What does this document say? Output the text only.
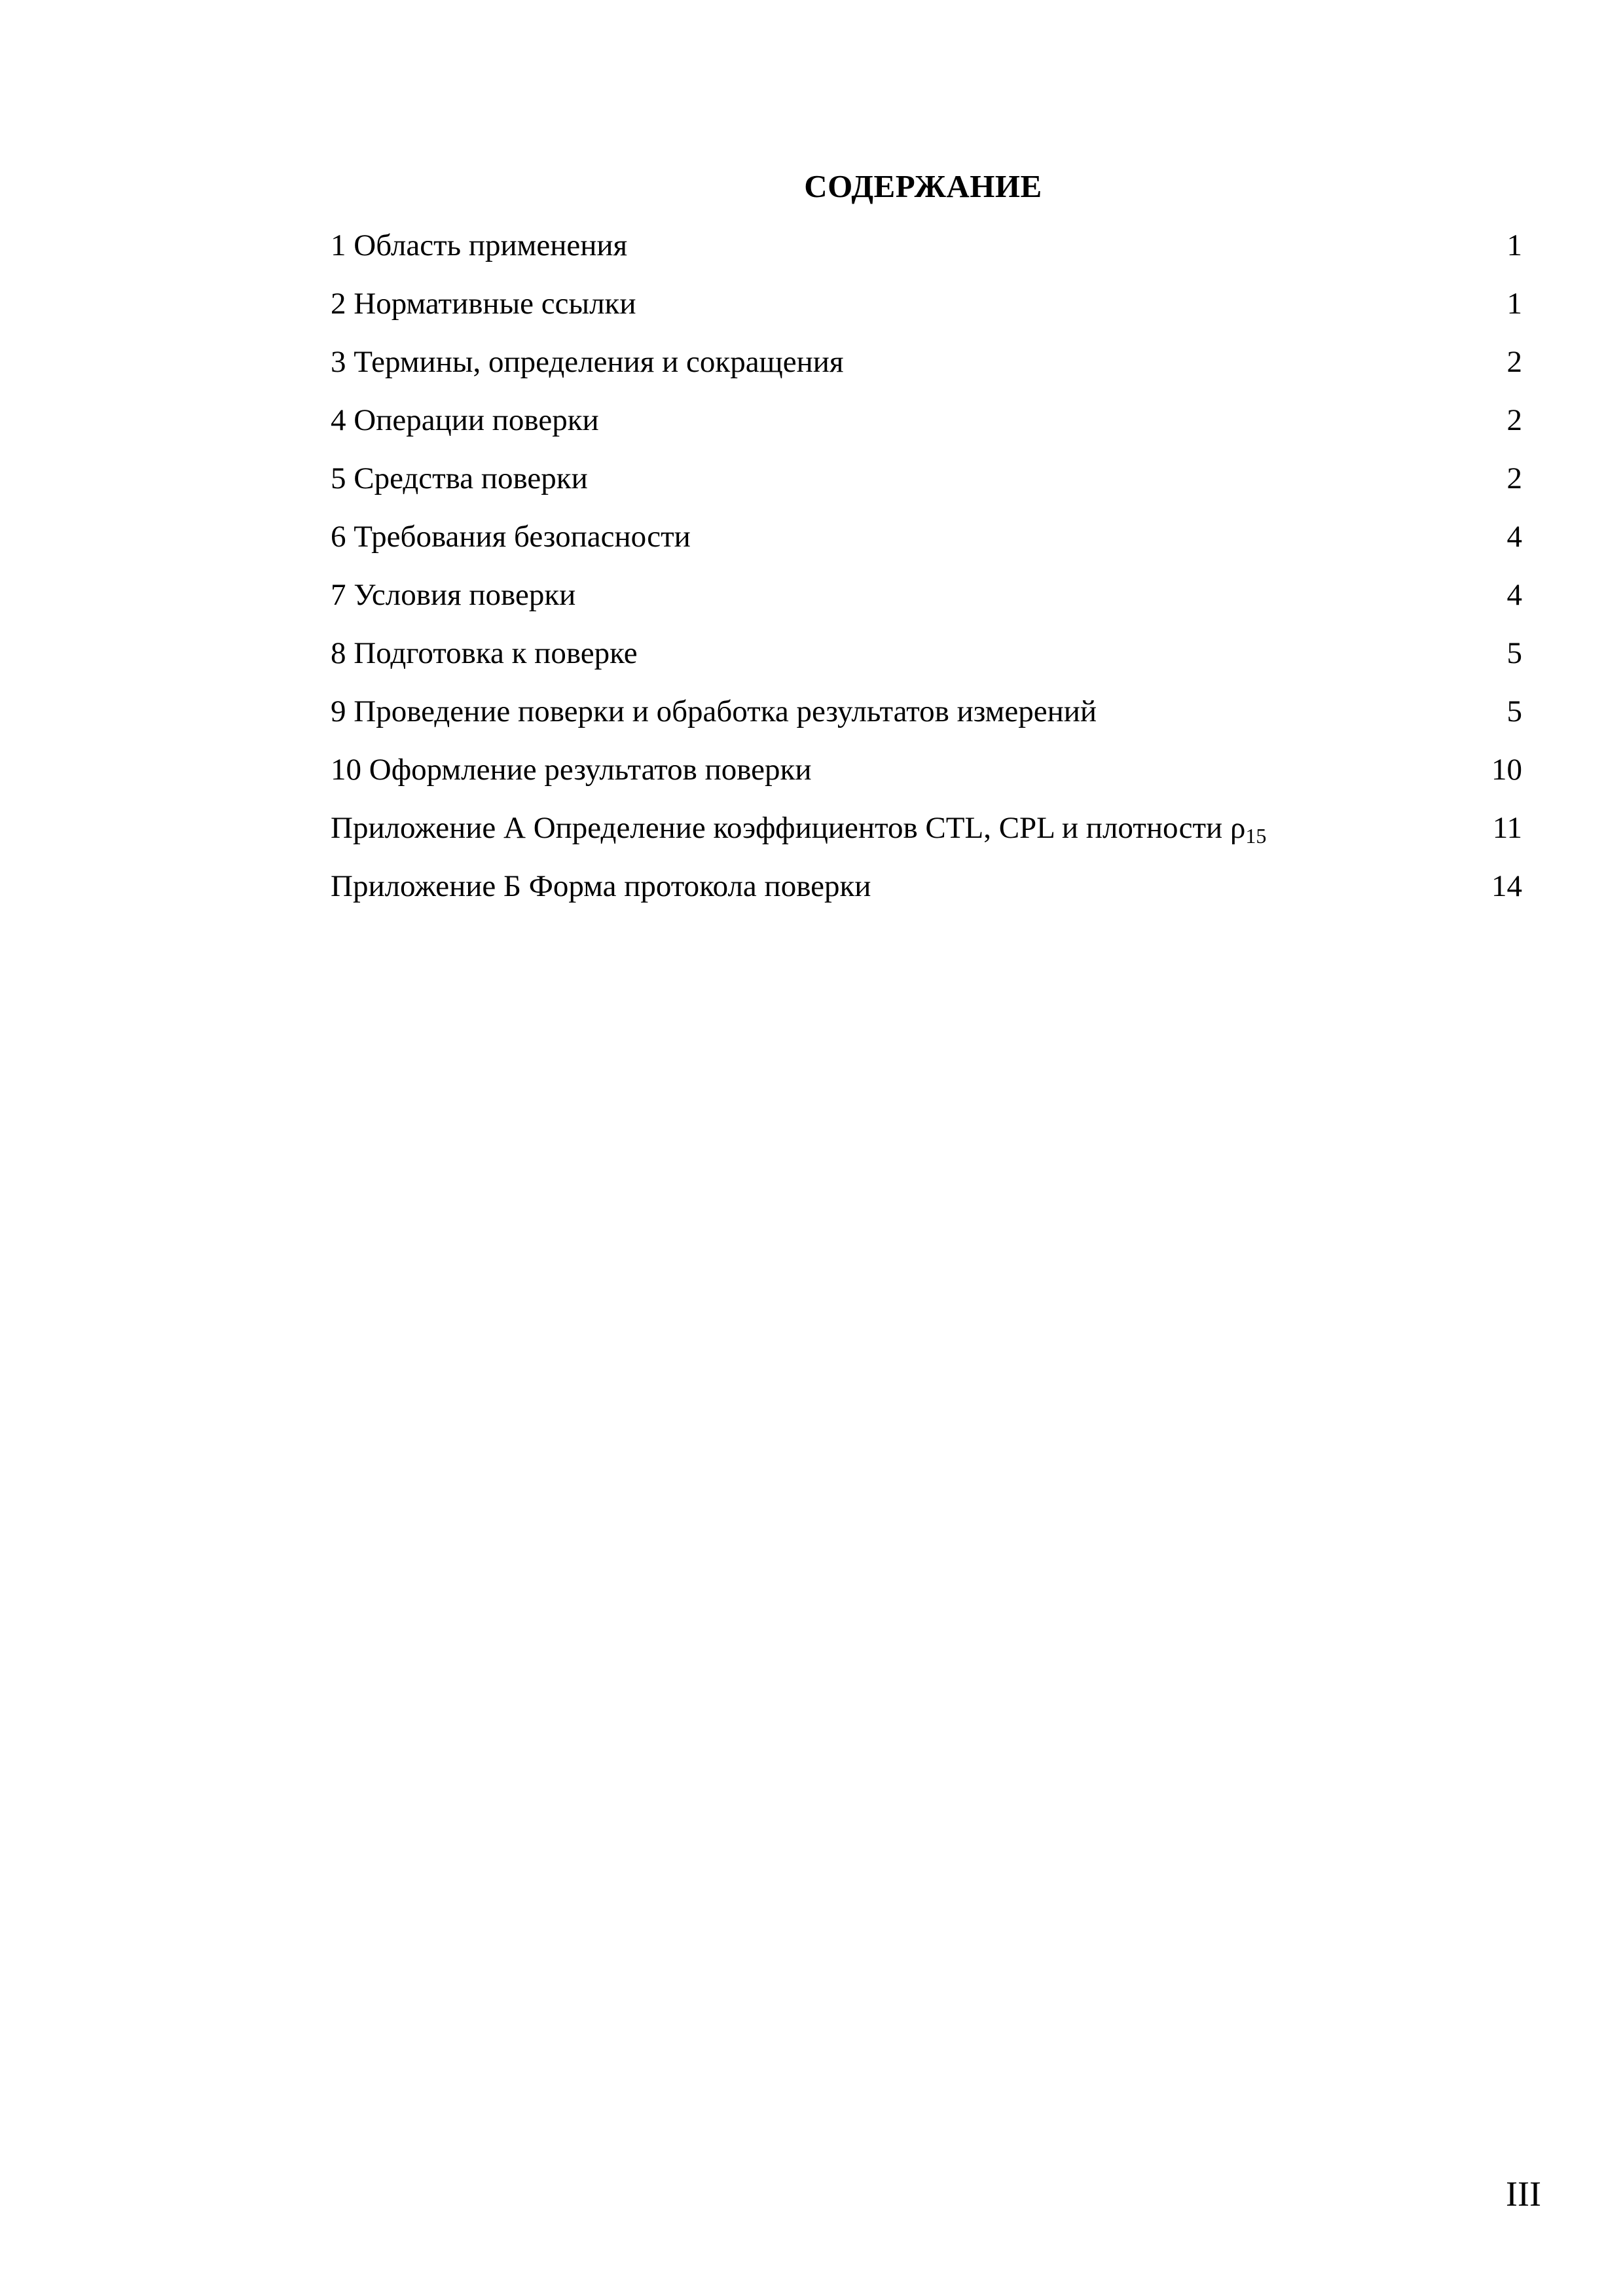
СОДЕРЖАНИЕ
1 Область применения	1
2 Нормативные ссылки	1
3 Термины, определения и сокращения	2
4 Операции поверки	2
5 Средства поверки	2
6 Требования безопасности	4
7 Условия поверки	4
8 Подготовка к поверке	5
9 Проведение поверки и обработка результатов измерений	5
10 Оформление результатов поверки	10
Приложение А Определение коэффициентов CTL, CPL и плотности $\rho_{15}$	11
Приложение Б Форма протокола поверки	14
III
